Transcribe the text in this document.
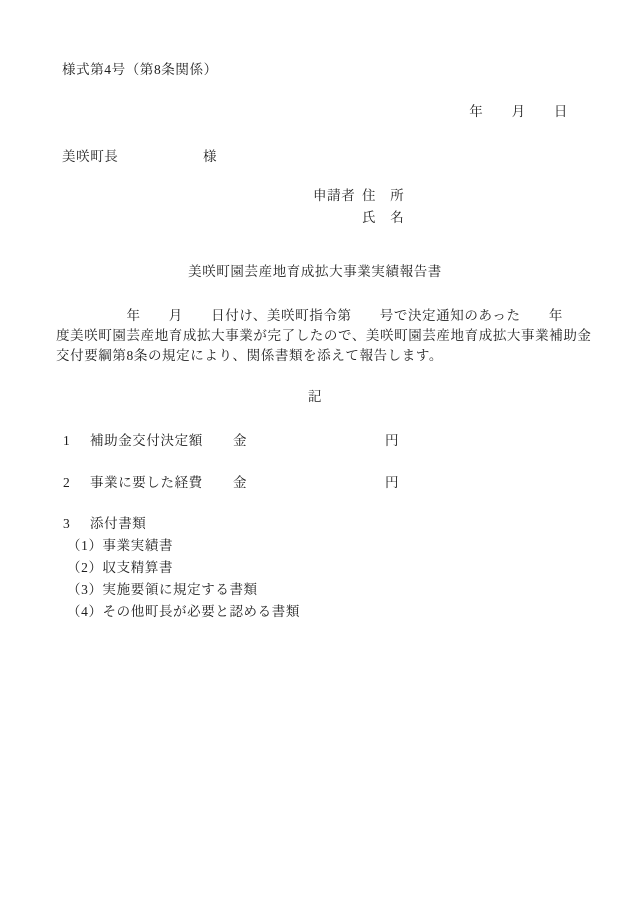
様式第4号（第8条関係）
年　　月　　日
美咲町長	様
申請者 住　所
氏　名
美咲町園芸産地育成拡大事業実績報告書
　　　　　年　　月　　日付け、美咲町指令第　　号で決定通知のあった　　年
度美咲町園芸産地育成拡大事業が完了したので、美咲町園芸産地育成拡大事業補助金
交付要綱第8条の規定により、関係書類を添えて報告します。
記
1 補助金交付決定額 金	円
2 事業に要した経費 金	円
3 添付書類
（1）事業実績書
（2）収支精算書
（3）実施要領に規定する書類
（4）その他町長が必要と認める書類
